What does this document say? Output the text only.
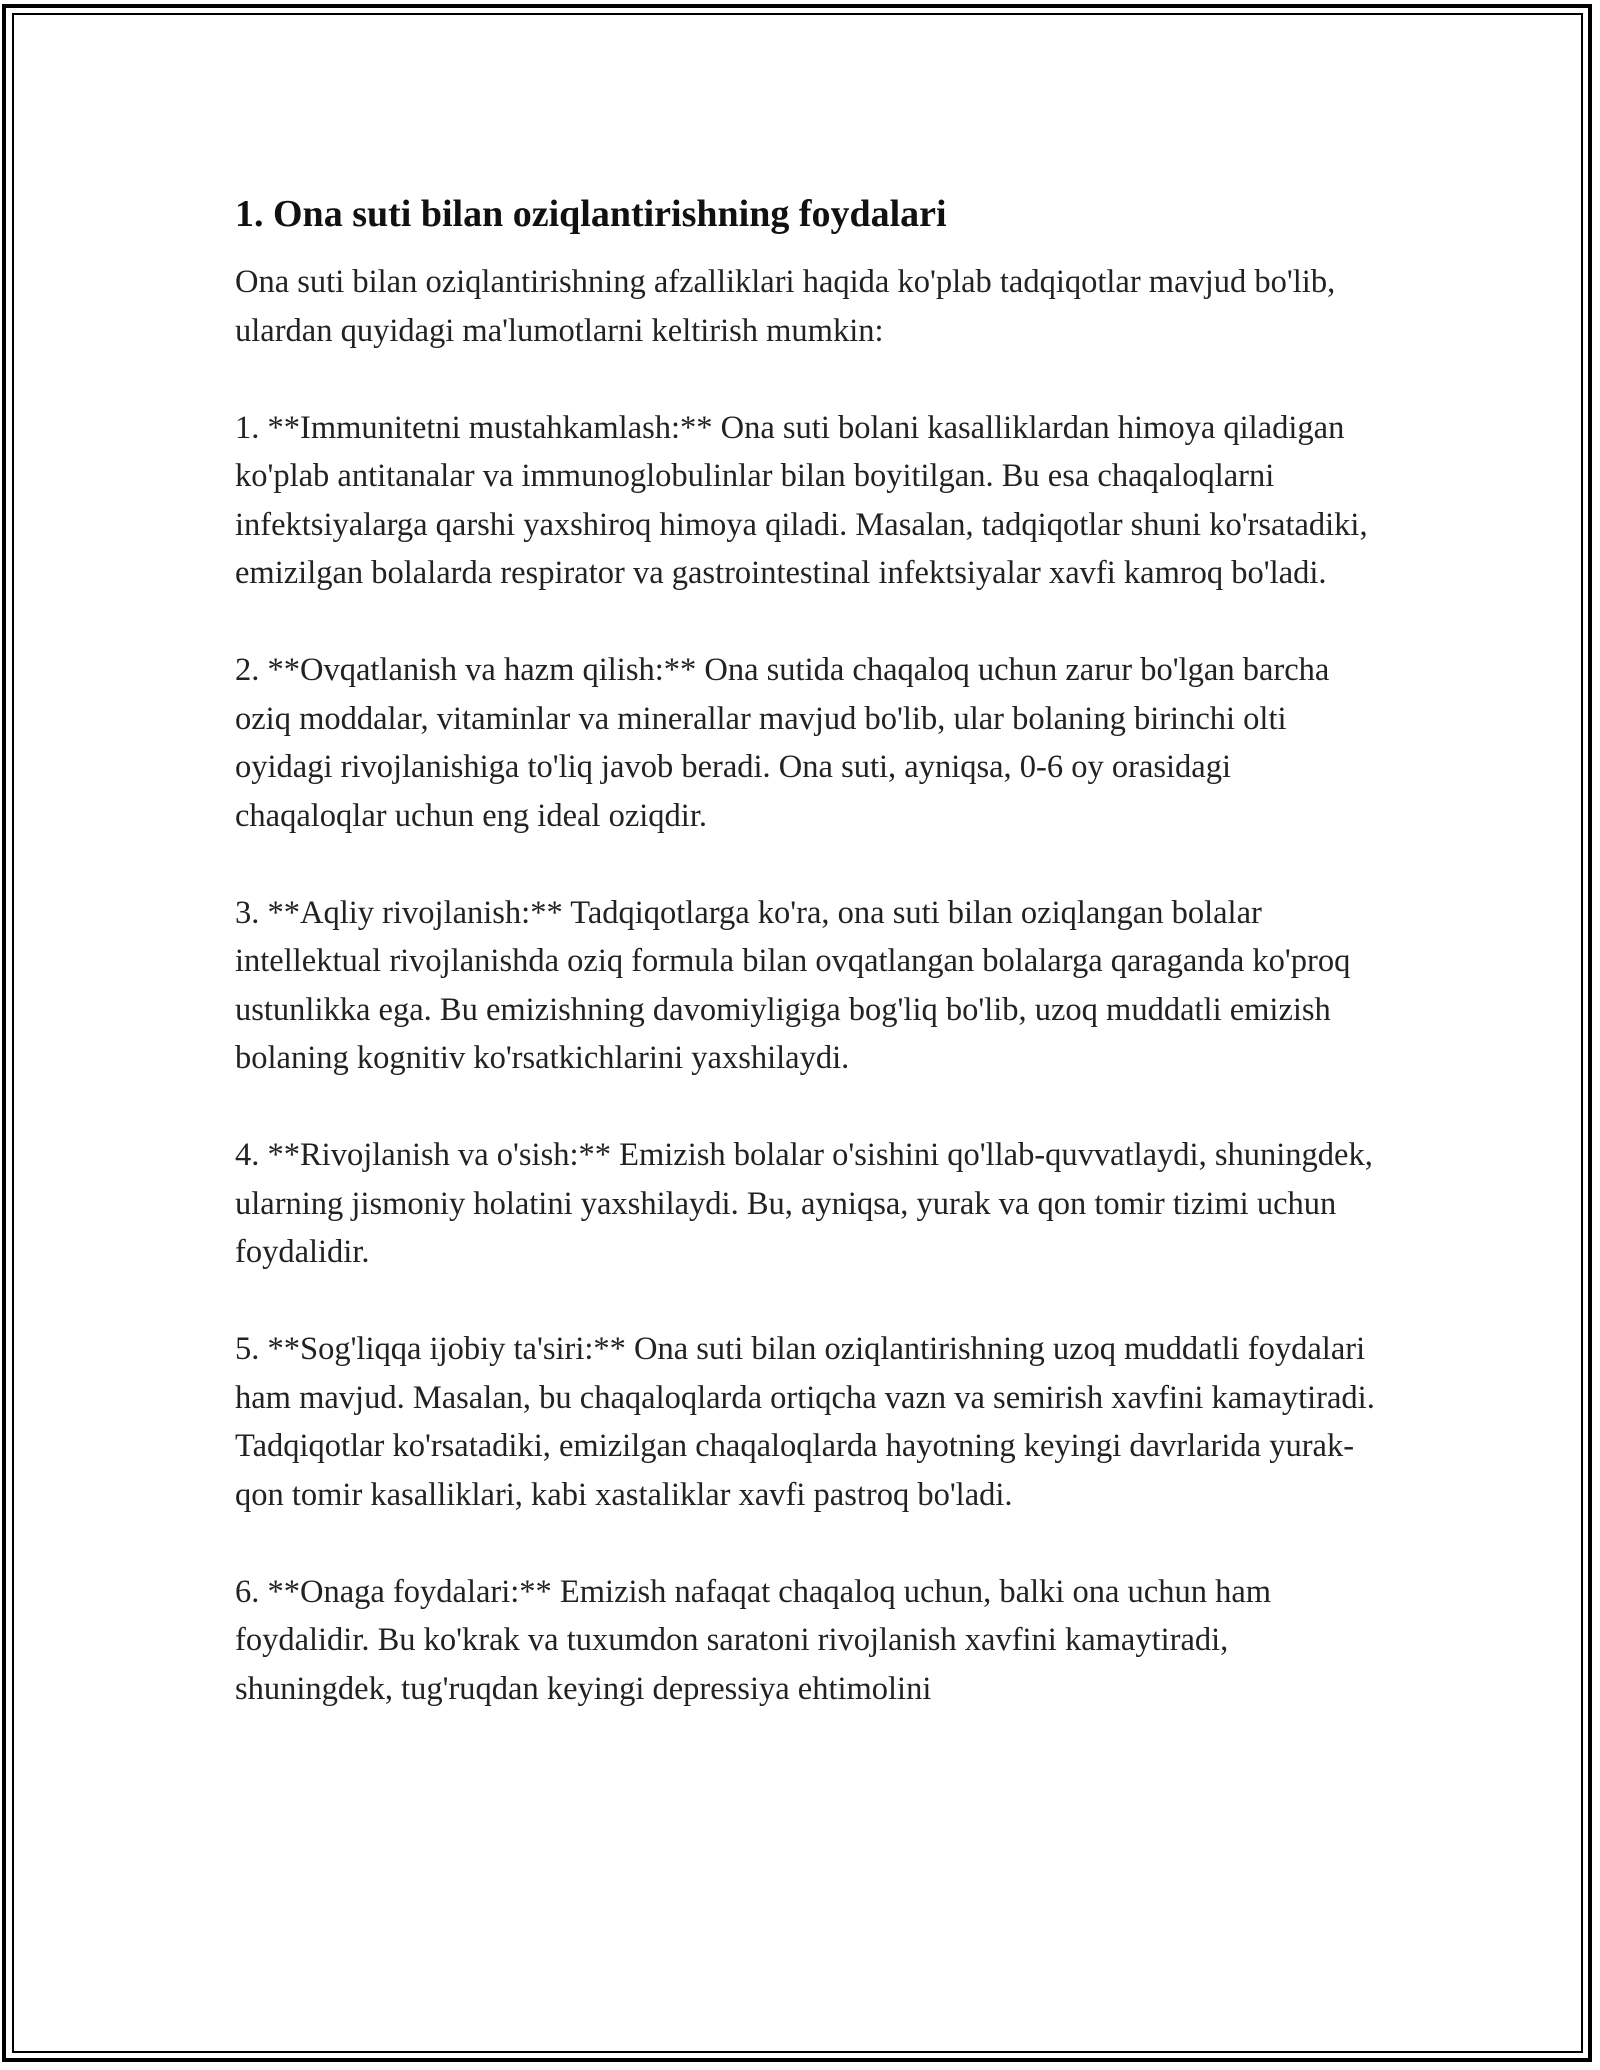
1. Ona suti bilan oziqlantirishning foydalari

Ona suti bilan oziqlantirishning afzalliklari haqida ko'plab tadqiqotlar mavjud bo'lib, ulardan quyidagi ma'lumotlarni keltirish mumkin:

1. **Immunitetni mustahkamlash:** Ona suti bolani kasalliklardan himoya qiladigan ko'plab antitanalar va immunoglobulinlar bilan boyitilgan. Bu esa chaqaloqlarni infektsiyalarga qarshi yaxshiroq himoya qiladi. Masalan, tadqiqotlar shuni ko'rsatadiki, emizilgan bolalarda respirator va gastrointestinal infektsiyalar xavfi kamroq bo'ladi.

2. **Ovqatlanish va hazm qilish:** Ona sutida chaqaloq uchun zarur bo'lgan barcha oziq moddalar, vitaminlar va minerallar mavjud bo'lib, ular bolaning birinchi olti oyidagi rivojlanishiga to'liq javob beradi. Ona suti, ayniqsa, 0-6 oy orasidagi chaqaloqlar uchun eng ideal oziqdir.

3. **Aqliy rivojlanish:** Tadqiqotlarga ko'ra, ona suti bilan oziqlangan bolalar intellektual rivojlanishda oziq formula bilan ovqatlangan bolalarga qaraganda ko'proq ustunlikka ega. Bu emizishning davomiyligiga bog'liq bo'lib, uzoq muddatli emizish bolaning kognitiv ko'rsatkichlarini yaxshilaydi.

4. **Rivojlanish va o'sish:** Emizish bolalar o'sishini qo'llab-quvvatlaydi, shuningdek, ularning jismoniy holatini yaxshilaydi. Bu, ayniqsa, yurak va qon tomir tizimi uchun foydalidir.

5. **Sog'liqqa ijobiy ta'siri:** Ona suti bilan oziqlantirishning uzoq muddatli foydalari ham mavjud. Masalan, bu chaqaloqlarda ortiqcha vazn va semirish xavfini kamaytiradi. Tadqiqotlar ko'rsatadiki, emizilgan chaqaloqlarda hayotning keyingi davrlarida yurak-qon tomir kasalliklari, kabi xastaliklar xavfi pastroq bo'ladi.

6. **Onaga foydalari:** Emizish nafaqat chaqaloq uchun, balki ona uchun ham foydalidir. Bu ko'krak va tuxumdon saratoni rivojlanish xavfini kamaytiradi, shuningdek, tug'ruqdan keyingi depressiya ehtimolini
